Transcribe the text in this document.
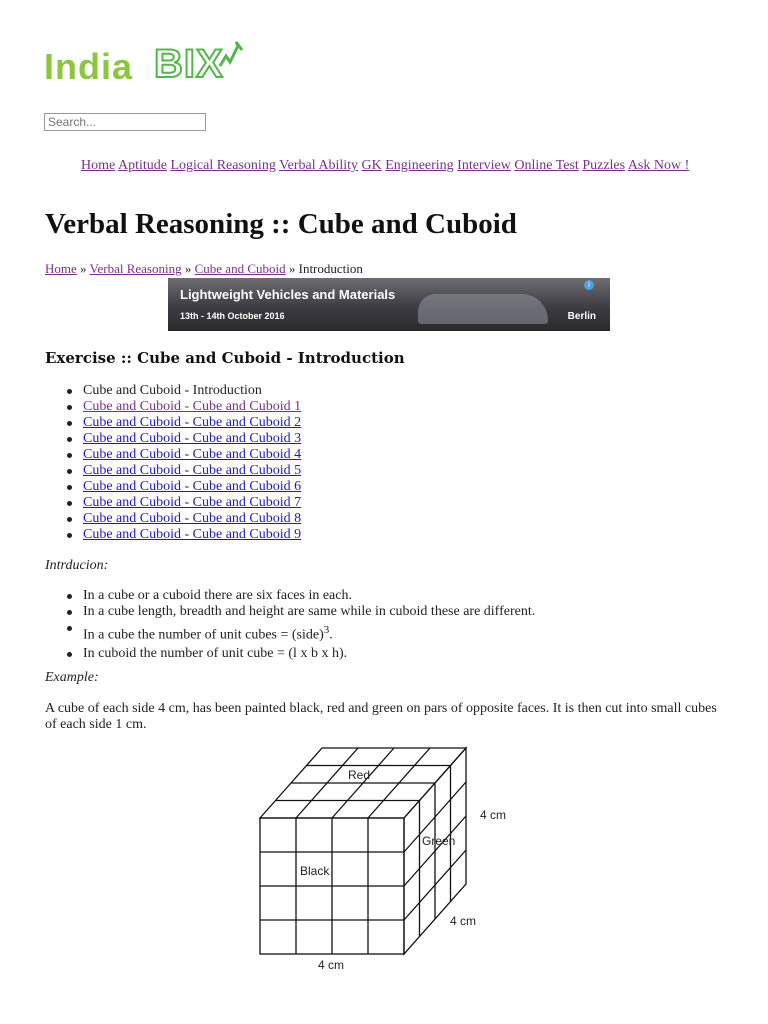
India BIX
Search...
Home Aptitude Logical Reasoning Verbal Ability GK Engineering Interview Online Test Puzzles Ask Now !
Verbal Reasoning :: Cube and Cuboid
Home » Verbal Reasoning » Cube and Cuboid » Introduction
Lightweight Vehicles and Materials
13th - 14th October 2016	Berlin
i
Exercise :: Cube and Cuboid - Introduction
Cube and Cuboid - Introduction
Cube and Cuboid - Cube and Cuboid 1
Cube and Cuboid - Cube and Cuboid 2
Cube and Cuboid - Cube and Cuboid 3
Cube and Cuboid - Cube and Cuboid 4
Cube and Cuboid - Cube and Cuboid 5
Cube and Cuboid - Cube and Cuboid 6
Cube and Cuboid - Cube and Cuboid 7
Cube and Cuboid - Cube and Cuboid 8
Cube and Cuboid - Cube and Cuboid 9
Intrducion:
In a cube or a cuboid there are six faces in each.
In a cube length, breadth and height are same while in cuboid these are different.
In a cube the number of unit cubes = (side)$^3$.
In cuboid the number of unit cube = (l x b x h).
Example:
A cube of each side 4 cm, has been painted black, red and green on pars of opposite faces. It is then cut into small cubes of each side 1 cm.
Red
Black
Green
4 cm
4 cm
4 cm
